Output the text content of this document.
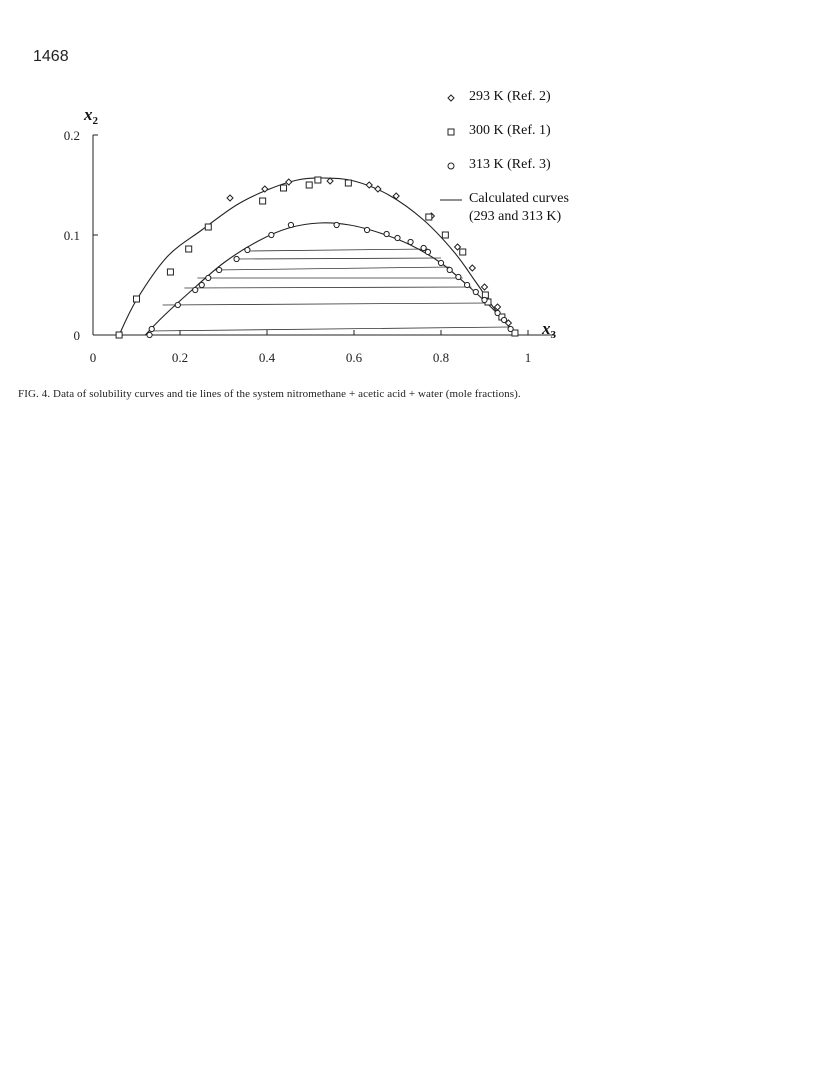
1468
0
0.1
0.2
0	0.2	0.4	0.6	0.8	1
$x_2$
$x_3$
293 K (Ref. 2)
300 K (Ref. 1)
313 K (Ref. 3)
Calculated curves
(293 and 313 K)
FIG. 4. Data of solubility curves and tie lines of the system nitromethane + acetic acid + water (mole fractions).
